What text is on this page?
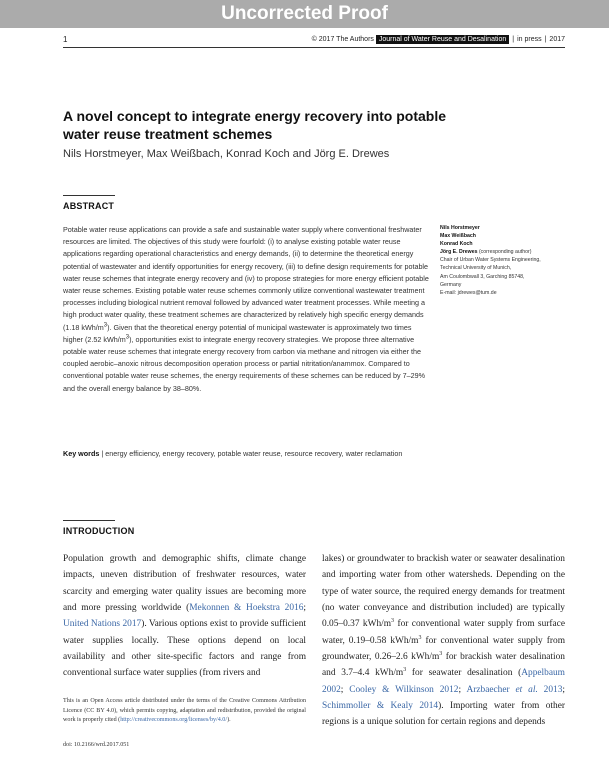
Uncorrected Proof
1	© 2017 The Authors Journal of Water Reuse and Desalination | in press | 2017
A novel concept to integrate energy recovery into potable water reuse treatment schemes
Nils Horstmeyer, Max Weißbach, Konrad Koch and Jörg E. Drewes
ABSTRACT
Potable water reuse applications can provide a safe and sustainable water supply where conventional freshwater resources are limited. The objectives of this study were fourfold: (i) to analyse existing potable water reuse applications regarding operational characteristics and energy demands, (ii) to determine the theoretical energy potential of wastewater and identify opportunities for energy recovery, (iii) to define design requirements for potable water reuse schemes that integrate energy recovery and (iv) to propose strategies for more energy efficient potable water reuse schemes. Existing potable water reuse schemes commonly utilize conventional wastewater treatment processes including biological nutrient removal followed by advanced water treatment processes. While meeting a high product water quality, these treatment schemes are characterized by relatively high specific energy demands (1.18 kWh/$m^3$). Given that the theoretical energy potential of municipal wastewater is approximately two times higher (2.52 kWh/$m^3$), opportunities exist to integrate energy recovery strategies. We propose three alternative potable water reuse schemes that integrate energy recovery from carbon via methane and nitrogen via either the coupled aerobic–anoxic nitrous decomposition operation process or partial nitritation/anammox. Compared to conventional potable water reuse schemes, the energy requirements of these schemes can be reduced by 7–29% and the overall energy balance by 38–80%.
Key words | energy efficiency, energy recovery, potable water reuse, resource recovery, water reclamation
Nils Horstmeyer
Max Weißbach
Konrad Koch
Jörg E. Drewes (corresponding author)
Chair of Urban Water Systems Engineering,
Technical University of Munich,
Am Coulombwall 3, Garching 85748,
Germany
E-mail: jdrewes@tum.de
INTRODUCTION
Population growth and demographic shifts, climate change impacts, uneven distribution of freshwater resources, water scarcity and emerging water quality issues are becoming more and more pressing worldwide (Mekonnen & Hoekstra 2016; United Nations 2017). Various options exist to provide sufficient water supplies locally. These options depend on local availability and other site-specific factors and range from conventional surface water supplies (from rivers and
lakes) or groundwater to brackish water or seawater desalination and importing water from other watersheds. Depending on the type of water source, the required energy demands for treatment (no water conveyance and distribution included) are typically 0.05–0.37 kWh/$m^3$ for conventional water supply from surface water, 0.19–0.58 kWh/$m^3$ for conventional water supply from groundwater, 0.26–2.6 kWh/$m^3$ for brackish water desalination and 3.7–4.4 kWh/$m^3$ for seawater desalination (Appelbaum 2002; Cooley & Wilkinson 2012; Arzbaecher et al. 2013; Schimmoller & Kealy 2014). Importing water from other regions is a unique solution for certain regions and depends
This is an Open Access article distributed under the terms of the Creative Commons Attribution Licence (CC BY 4.0), which permits copying, adaptation and redistribution, provided the original work is properly cited (http://creativecommons.org/licenses/by/4.0/).
doi: 10.2166/wrd.2017.051
